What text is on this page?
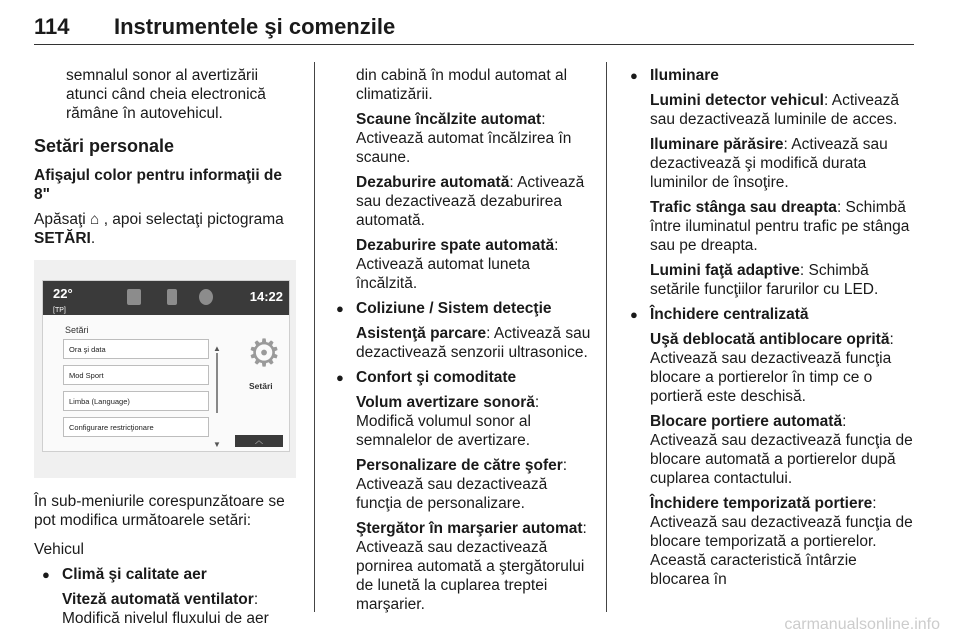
114 Instrumentele şi comenzile

semnalul sonor al avertizării atunci când cheia electronică rămâne în autovehicul.

Setări personale
Afişajul color pentru informaţii de 8"

Apăsaţi ⌂ , apoi selectaţi pictograma SETĂRI.

22°
[TP]
14:22
Setări
Ora şi data
Mod Sport
Limba (Language)
Configurare restricţionare
▲
▼
⚙
Setări
︿

În sub-meniurile corespunzătoare se pot modifica următoarele setări:

Vehicul
● Climă şi calitate aer

Viteză automată ventilator: Modifică nivelul fluxului de aer

din cabină în modul automat al climatizării.

Scaune încălzite automat: Activează automat încălzirea în scaune.

Dezaburire automată: Activează sau dezactivează dezaburirea automată.

Dezaburire spate automată: Activează automat luneta încălzită.

● Coliziune / Sistem detecţie

Asistenţă parcare: Activează sau dezactivează senzorii ultrasonice.

● Confort şi comoditate

Volum avertizare sonoră: Modifică volumul sonor al semnalelor de avertizare.

Personalizare de către şofer: Activează sau dezactivează funcţia de personalizare.

Ştergător în marşarier automat: Activează sau dezactivează pornirea automată a ştergătorului de lunetă la cuplarea treptei marşarier.

● Iluminare

Lumini detector vehicul: Activează sau dezactivează luminile de acces.

Iluminare părăsire: Activează sau dezactivează şi modifică durata luminilor de însoţire.

Trafic stânga sau dreapta: Schimbă între iluminatul pentru trafic pe stânga sau pe dreapta.

Lumini faţă adaptive: Schimbă setările funcţiilor farurilor cu LED.

● Închidere centralizată

Uşă deblocată antiblocare oprită: Activează sau dezactivează funcţia blocare a portierelor în timp ce o portieră este deschisă.

Blocare portiere automată: Activează sau dezactivează funcţia de blocare automată a portierelor după cuplarea contactului.

Închidere temporizată portiere: Activează sau dezactivează funcţia de blocare temporizată a portierelor. Această caracteristică întârzie blocarea în

carmanualsonline.info
